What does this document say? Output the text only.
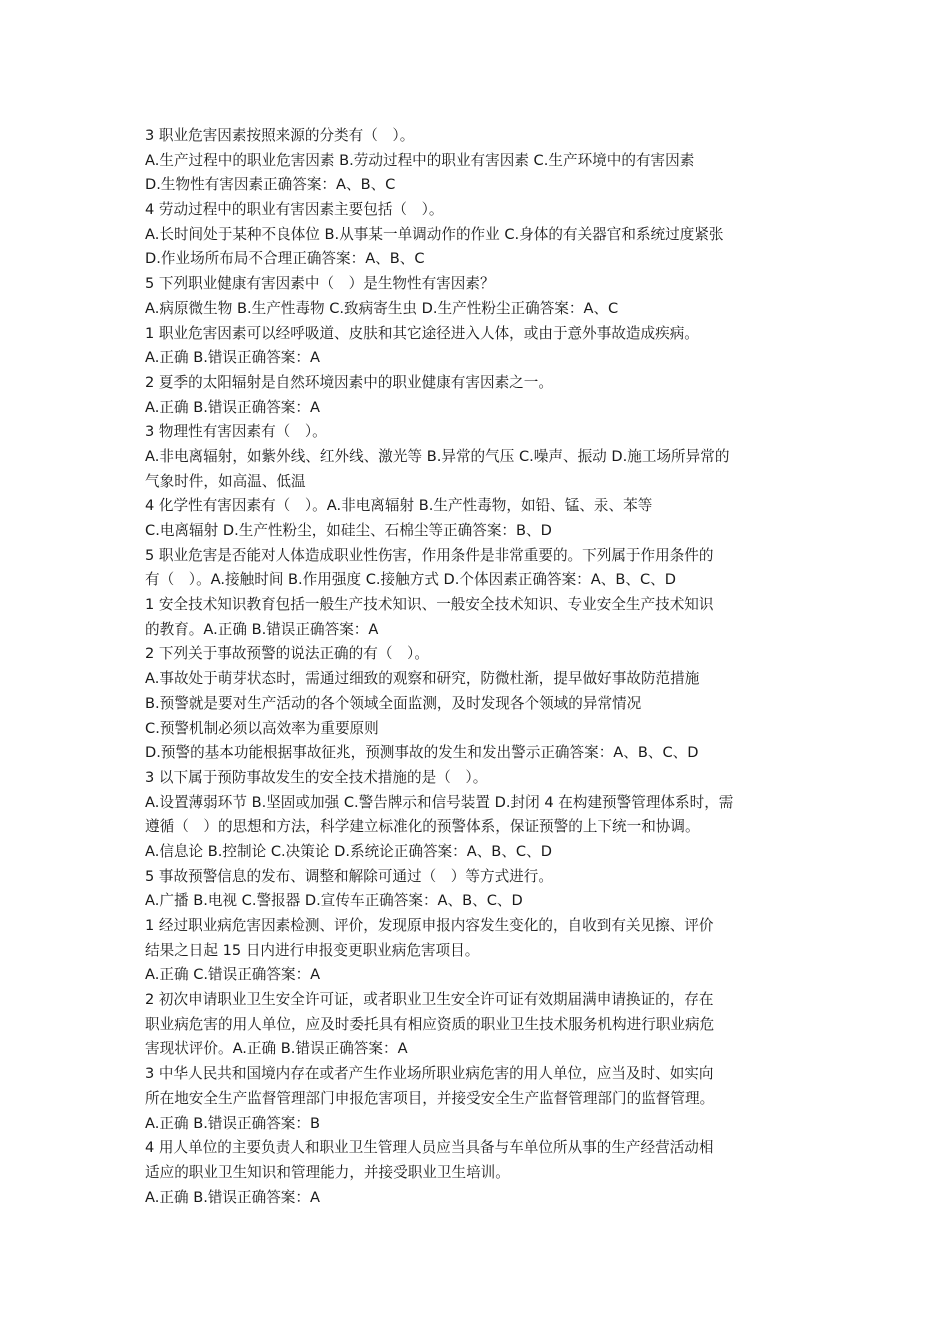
3 职业危害因素按照来源的分类有（　）。
A.生产过程中的职业危害因素 B.劳动过程中的职业有害因素 C.生产环境中的有害因素
D.生物性有害因素正确答案：A、B、C
4 劳动过程中的职业有害因素主要包括（　）。
A.长时间处于某种不良体位 B.从事某一单调动作的作业 C.身体的有关器官和系统过度紧张
D.作业场所布局不合理正确答案：A、B、C
5 下列职业健康有害因素中（　）是生物性有害因素？
A.病原微生物 B.生产性毒物 C.致病寄生虫 D.生产性粉尘正确答案：A、C
1 职业危害因素可以经呼吸道、皮肤和其它途径进入人体，或由于意外事故造成疾病。
A.正确 B.错误正确答案：A
2 夏季的太阳辐射是自然环境因素中的职业健康有害因素之一。
A.正确 B.错误正确答案：A
3 物理性有害因素有（　）。
A.非电离辐射，如紫外线、红外线、激光等 B.异常的气压 C.噪声、振动 D.施工场所异常的
气象时件，如高温、低温
4 化学性有害因素有（　）。A.非电离辐射 B.生产性毒物，如铅、锰、汞、苯等
C.电离辐射 D.生产性粉尘，如硅尘、石棉尘等正确答案：B、D
5 职业危害是否能对人体造成职业性伤害，作用条件是非常重要的。下列属于作用条件的
有（　）。A.接触时间 B.作用强度 C.接触方式 D.个体因素正确答案：A、B、C、D
1 安全技术知识教育包括一般生产技术知识、一般安全技术知识、专业安全生产技术知识
的教育。A.正确 B.错误正确答案：A
2 下列关于事故预警的说法正确的有（　）。
A.事故处于萌芽状态时，需通过细致的观察和研究，防微杜渐，提早做好事故防范措施
B.预警就是要对生产活动的各个领域全面监测，及时发现各个领域的异常情况
C.预警机制必须以高效率为重要原则
D.预警的基本功能根据事故征兆，预测事故的发生和发出警示正确答案：A、B、C、D
3 以下属于预防事故发生的安全技术措施的是（　）。
A.设置薄弱环节 B.坚固或加强 C.警告牌示和信号装置 D.封闭 4 在构建预警管理体系时，需
遵循（　）的思想和方法，科学建立标准化的预警体系，保证预警的上下统一和协调。
A.信息论 B.控制论 C.决策论 D.系统论正确答案：A、B、C、D
5 事故预警信息的发布、调整和解除可通过（　）等方式进行。
A.广播 B.电视 C.警报器 D.宣传车正确答案：A、B、C、D
1 经过职业病危害因素检测、评价，发现原申报内容发生变化的，自收到有关见擦、评价
结果之日起 15 日内进行申报变更职业病危害项目。
A.正确 C.错误正确答案：A
2 初次申请职业卫生安全许可证，或者职业卫生安全许可证有效期届满申请换证的，存在
职业病危害的用人单位，应及时委托具有相应资质的职业卫生技术服务机构进行职业病危
害现状评价。A.正确 B.错误正确答案：A
3 中华人民共和国境内存在或者产生作业场所职业病危害的用人单位，应当及时、如实向
所在地安全生产监督管理部门申报危害项目，并接受安全生产监督管理部门的监督管理。
A.正确 B.错误正确答案：B
4 用人单位的主要负责人和职业卫生管理人员应当具备与车单位所从事的生产经营活动相
适应的职业卫生知识和管理能力，并接受职业卫生培训。
A.正确 B.错误正确答案：A
